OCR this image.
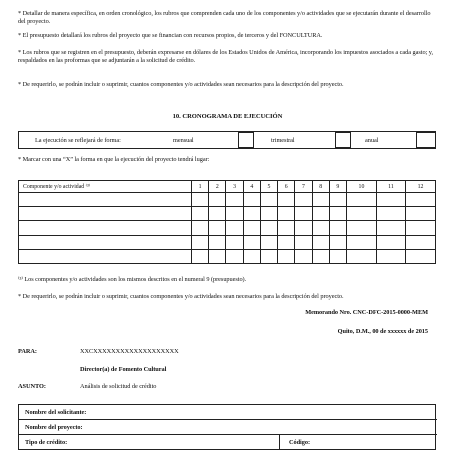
* Detallar de manera específica, en orden cronológico, los rubros que comprenden cada uno de los componentes y/o actividades que se ejecutarán durante el desarrollo del proyecto.
* El presupuesto detallará los rubros del proyecto que se financian con recursos propios, de terceros y del FONCULTURA.
* Los rubros que se registren en el presupuesto, deberán expresarse en dólares de los Estados Unidos de América, incorporando los impuestos asociados a cada gasto; y, respaldados en las proformas que se adjuntarán a la solicitud de crédito.
* De requerirlo, se podrán incluir o suprimir, cuantos componentes y/o actividades sean necesarios para la descripción del proyecto.
10. CRONOGRAMA DE EJECUCIÓN
La ejecución se reflejará de forma:	mensual	trimestral	anual
* Marcar con una “X” la forma en que la ejecución del proyecto tendrá lugar:
Componente y/o actividad ⁽³⁾	1	2	3	4	5	6	7	8	9	10	11	12

⁽³⁾ Los componentes y/o actividades son los mismos descritos en el numeral 9 (presupuesto).
* De requerirlo, se podrán incluir o suprimir, cuantos componentes y/o actividades sean necesarios para la descripción del proyecto.
Memorando Nro. CNC-DFC-2015-0000-MEM
Quito, D.M., 00 de xxxxxx de 2015
PARA:	XXCXXXXXXXXXXXXXXXXXXX
Director(a) de Fomento Cultural
ASUNTO:	Análisis de solicitud de crédito
Nombre del solicitante:
Nombre del proyecto:
Tipo de crédito:	Código:
